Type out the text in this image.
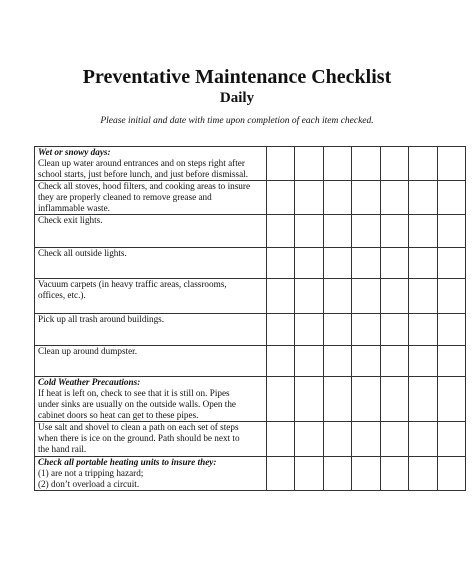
Preventative Maintenance Checklist
Daily
Please initial and date with time upon completion of each item checked.
Wet or snowy days:
Clean up water around entrances and on steps right after
school starts, just before lunch, and just before dismissal.							

Check all stoves, hood filters, and cooking areas to insure
they are properly cleaned to remove grease and
inflammable waste.							

Check exit lights.							

Check all outside lights.							

Vacuum carpets (in heavy traffic areas, classrooms,
offices, etc.).							

Pick up all trash around buildings.							

Clean up around dumpster.							

Cold Weather Precautions:
If heat is left on, check to see that it is still on. Pipes
under sinks are usually on the outside walls. Open the
cabinet doors so heat can get to these pipes.							

Use salt and shovel to clean a path on each set of steps
when there is ice on the ground. Path should be next to
the hand rail.							

Check all portable heating units to insure they:
(1) are not a tripping hazard;
(2) don’t overload a circuit.							
